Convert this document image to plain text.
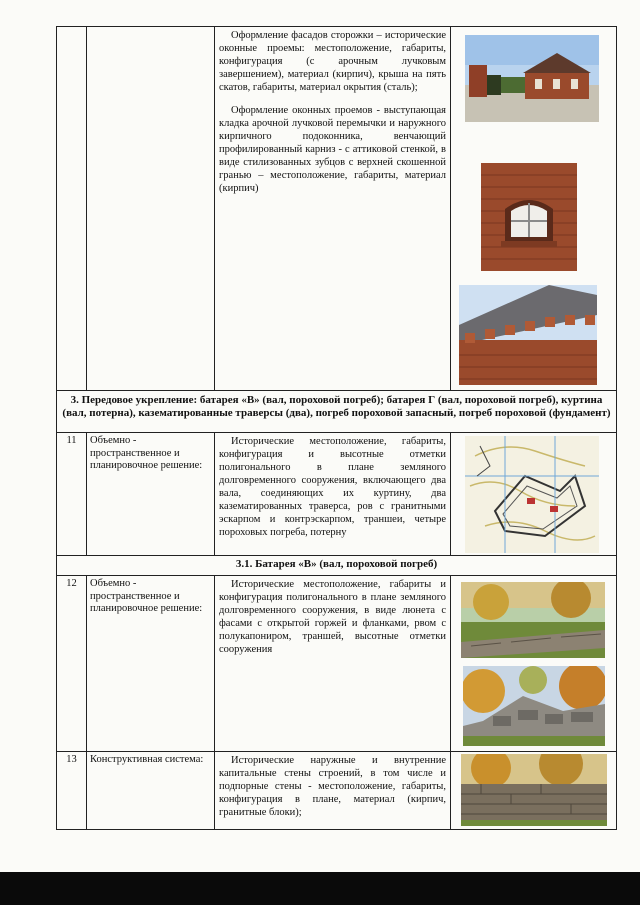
		Оформление фасадов сторожки – исторические оконные проемы: местоположение, габариты, конфигурация (с арочным лучковым завершением), материал (кирпич), крыша на пять скатов, габариты, материал окрытия (сталь);

Оформление оконных проемов - выступающая кладка арочной лучковой перемычки и наружного кирпичного подоконника, венчающий профилированный карниз - с аттиковой стенкой, в виде стилизованных зубцов с верхней скошенной гранью – местоположение, габариты, материал (кирпич)

3. Передовое укрепление: батарея «В» (вал, пороховой погреб); батарея Г (вал, пороховой погреб), куртина (вал, потерна), казематированные траверсы (два), погреб пороховой запасный, погреб пороховой (фундамент)			
11	Объемно - пространственное и планировочное решение:	Исторические местоположение, габариты, конфигурация и высотные отметки полигонального в плане земляного долговременного сооружения, включающего два вала, соединяющих их куртину, два казематированных траверса, ров с гранитными эскарпом и контрэскарпом, траншеи, четыре пороховых погреба, потерну

3.1. Батарея «В» (вал, пороховой погреб)			
12	Объемно - пространственное и планировочное решение:	Исторические местоположение, габариты и конфигурация полигонального в плане земляного долговременного сооружения, в виде люнета с фасами с открытой горжей и фланками, рвом с полукапониром, траншей, высотные отметки сооружения

13	Конструктивная система:	Исторические наружные и внутренние капитальные стены строений, в том числе и подпорные стены - местоположение, габариты, конфигурация в плане, материал (кирпич, гранитные блоки);
